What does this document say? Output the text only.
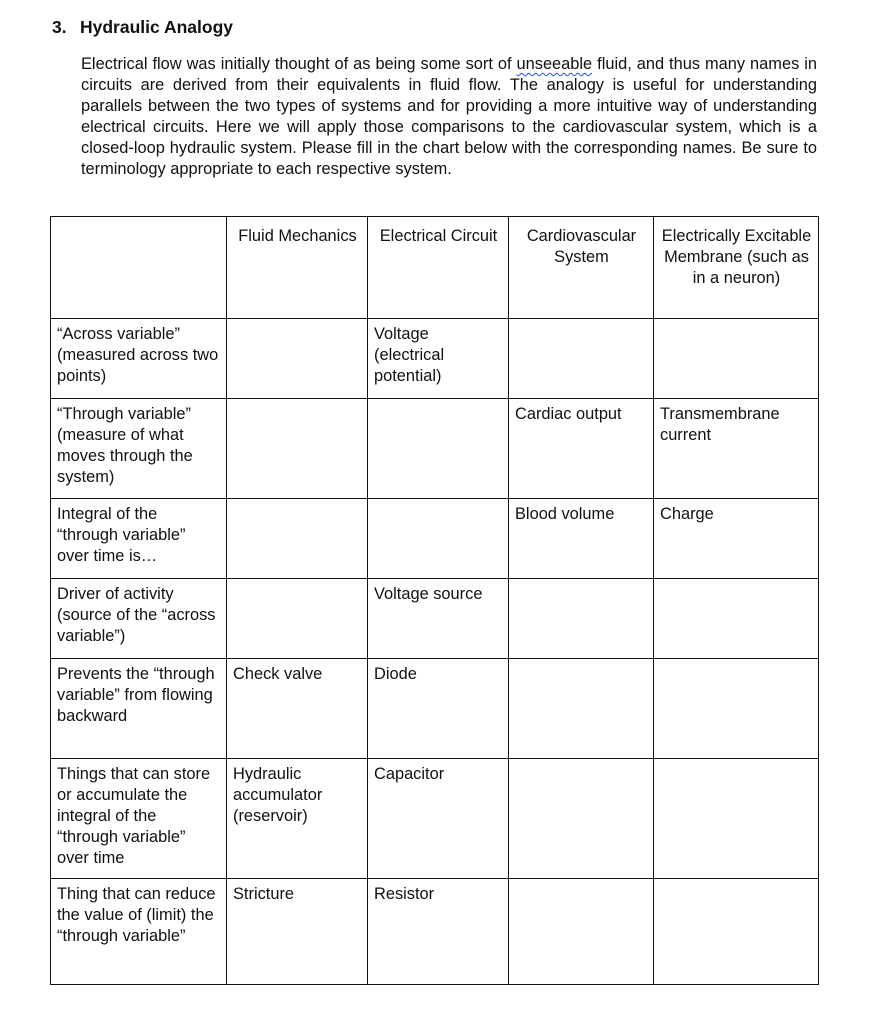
3. Hydraulic Analogy

Electrical flow was initially thought of as being some sort of unseeable fluid, and thus many names in circuits are derived from their equivalents in fluid flow. The analogy is useful for understanding parallels between the two types of systems and for providing a more intuitive way of understanding electrical circuits. Here we will apply those comparisons to the cardiovascular system, which is a closed-loop hydraulic system. Please fill in the chart below with the corresponding names. Be sure to terminology appropriate to each respective system.

	Fluid Mechanics	Electrical Circuit	Cardiovascular System	Electrically Excitable Membrane (such as in a neuron)
“Across variable” (measured across two points)		Voltage (electrical potential)		
“Through variable” (measure of what moves through the system)			Cardiac output	Transmembrane current
Integral of the “through variable” over time is…			Blood volume	Charge
Driver of activity (source of the “across variable”)		Voltage source		
Prevents the “through variable” from flowing backward	Check valve	Diode		
Things that can store or accumulate the integral of the “through variable” over time	Hydraulic accumulator (reservoir)	Capacitor		
Thing that can reduce the value of (limit) the “through variable”	Stricture	Resistor		
